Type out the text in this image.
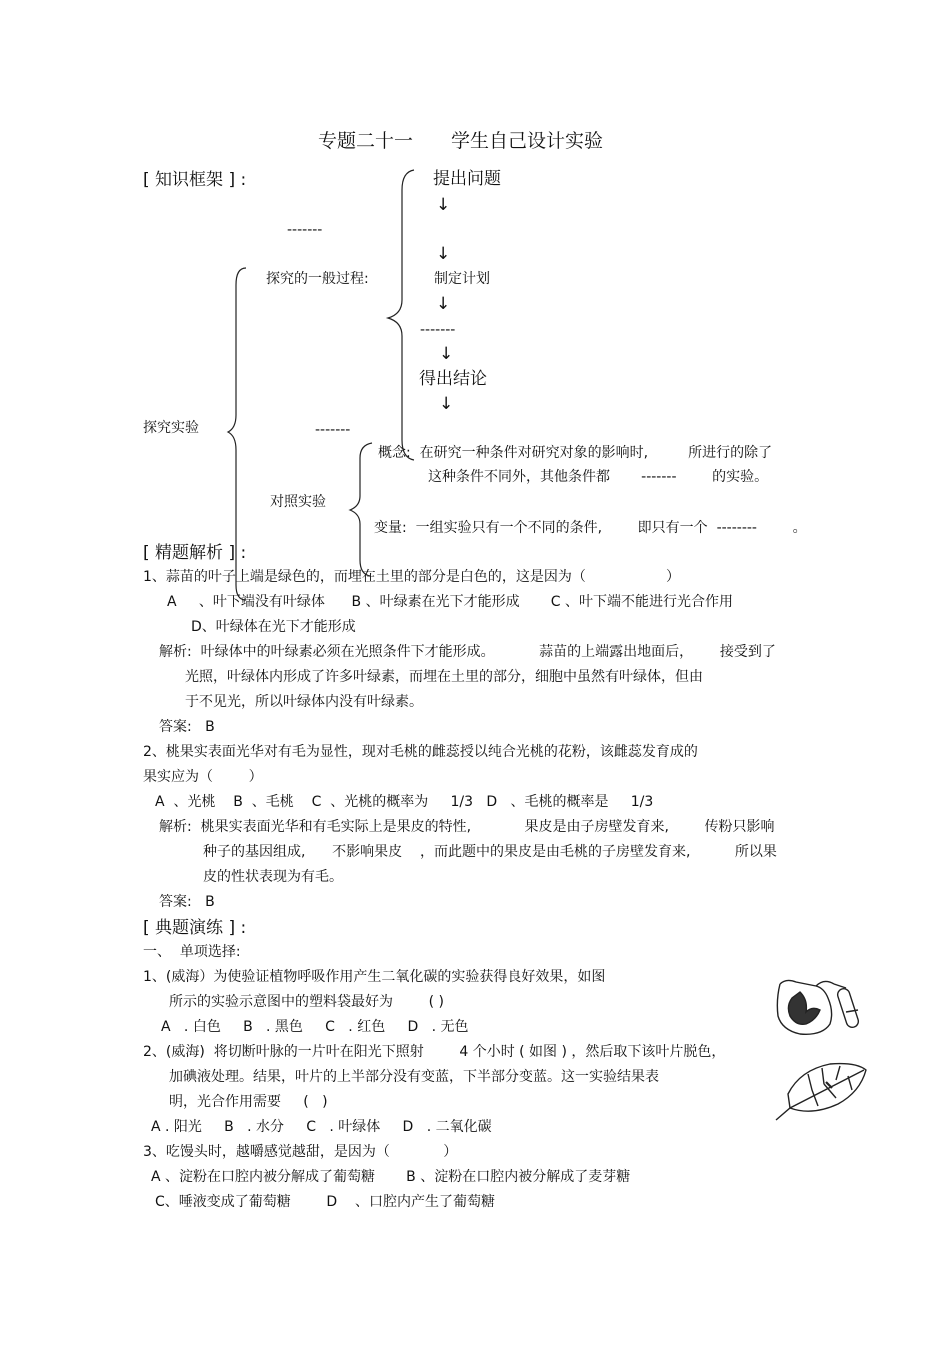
专题二十一　　学生自己设计实验
[ 知识框架 ] :
-------
探究实验
探究的一般过程:
提出问题
↓
↓
制定计划
↓
-------
↓
得出结论
↓
-------
对照实验
概念:  在研究一种条件对研究对象的影响时,         所进行的除了
这种条件不同外，其他条件都       -------        的实验。
变量:  一组实验只有一个不同的条件,        即只有一个  --------        。
[ 精题解析 ] :
1、蒜苗的叶子上端是绿色的，而埋在土里的部分是白色的，这是因为（                  ）
A     、叶下端没有叶绿体      B 、叶绿素在光下才能形成       C 、叶下端不能进行光合作用
D、叶绿体在光下才能形成
解析:  叶绿体中的叶绿素必须在光照条件下才能形成。          蒜苗的上端露出地面后，      接受到了
光照，叶绿体内形成了许多叶绿素，而埋在土里的部分，细胞中虽然有叶绿体，但由
于不见光，所以叶绿体内没有叶绿素。
答案:   B
2、桃果实表面光华对有毛为显性，现对毛桃的雌蕊授以纯合光桃的花粉，该雌蕊发育成的
果实应为（        ）
A  、光桃    B  、毛桃    C  、光桃的概率为     1/3   D   、毛桃的概率是     1/3
解析:  桃果实表面光华和有毛实际上是果皮的特性,            果皮是由子房壁发育来,        传粉只影响
种子的基因组成,      不影响果皮    ，而此题中的果皮是由毛桃的子房壁发育来,          所以果
皮的性状表现为有毛。
答案:   B
[ 典题演练 ] :
一、  单项选择:
1、(威海）为使验证植物呼吸作用产生二氧化碳的实验获得良好效果，如图
所示的实验示意图中的塑料袋最好为        ( )
A   . 白色     B   . 黑色     C   . 红色     D   . 无色
2、(威海)  将切断叶脉的一片叶在阳光下照射        4 个小时 ( 如图 ) ，然后取下该叶片脱色，
加碘液处理。结果，叶片的上半部分没有变蓝，下半部分变蓝。这一实验结果表
明，光合作用需要     (   )
A . 阳光     B   . 水分     C   . 叶绿体     D   . 二氧化碳
3、吃馒头时，越嚼感觉越甜，是因为（            ）
A 、淀粉在口腔内被分解成了葡萄糖       B 、淀粉在口腔内被分解成了麦芽糖
C、唾液变成了葡萄糖        D    、口腔内产生了葡萄糖
